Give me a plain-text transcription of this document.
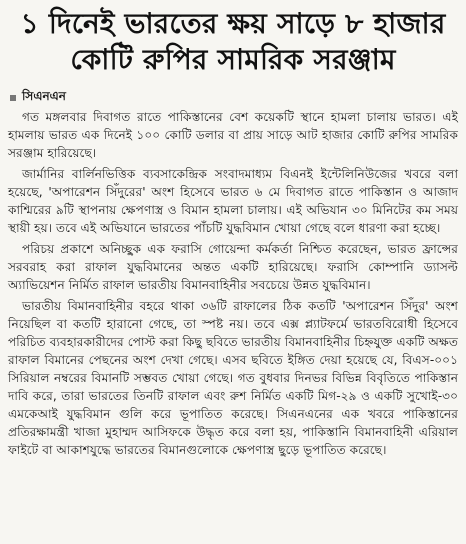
১ দিনেই ভারতের ক্ষয় সাড়ে ৮ হাজার
কোটি রুপির সামরিক সরঞ্জাম
সিএনএন

গত মঙ্গলবার দিবাগত রাতে পাকিস্তানের বেশ কয়েকটি স্থানে হামলা চালায় ভারত। এই হামলায় ভারত এক দিনেই ১০০ কোটি ডলার বা প্রায় সাড়ে আট হাজার কোটি রুপির সামরিক সরঞ্জাম হারিয়েছে।

জার্মানির বার্লিনভিত্তিক ব্যবসাকেন্দ্রিক সংবাদমাধ্যম বিএনই ইন্টেলিনিউজের খবরে বলা হয়েছে, 'অপারেশন সিঁদুরের' অংশ হিসেবে ভারত ৬ মে দিবাগত রাতে পাকিস্তান ও আজাদ কাশ্মিরের ৯টি স্থাপনায় ক্ষেপণাস্ত্র ও বিমান হামলা চালায়। এই অভিযান ৩০ মিনিটের কম সময় স্থায়ী হয়। তবে এই অভিযানে ভারতের পাঁচটি যুদ্ধবিমান খোয়া গেছে বলে ধারণা করা হচ্ছে।

পরিচয় প্রকাশে অনিচ্ছুক এক ফরাসি গোয়েন্দা কর্মকর্তা নিশ্চিত করেছেন, ভারত ফ্রান্সের সরবরাহ করা রাফাল যুদ্ধবিমানের অন্তত একটি হারিয়েছে। ফরাসি কোম্পানি ড্যাসল্ট অ্যাভিয়েশন নির্মিত রাফাল ভারতীয় বিমানবাহিনীর সবচেয়ে উন্নত যুদ্ধবিমান।

ভারতীয় বিমানবাহিনীর বহরে থাকা ৩৬টি রাফালের ঠিক কতটি 'অপারেশন সিঁদুর' অংশ নিয়েছিল বা কতটি হারানো গেছে, তা স্পষ্ট নয়। তবে এক্স প্ল্যাটফর্মে ভারতবিরোধী হিসেবে পরিচিত ব্যবহারকারীদের পোস্ট করা কিছু ছবিতে ভারতীয় বিমানবাহিনীর চিহ্নযুক্ত একটি অক্ষত রাফাল বিমানের পেছনের অংশ দেখা গেছে। এসব ছবিতে ইঙ্গিত দেয়া হয়েছে যে, বিএস-০০১ সিরিয়াল নম্বরের বিমানটি সম্ভবত খোয়া গেছে। গত বুধবার দিনভর বিভিন্ন বিবৃতিতে পাকিস্তান দাবি করে, তারা ভারতের তিনটি রাফাল এবং রুশ নির্মিত একটি মিগ-২৯ ও একটি সুখোই-৩০ এমকেআই যুদ্ধবিমান গুলি করে ভূপাতিত করেছে। সিএনএনের এক খবরে পাকিস্তানের প্রতিরক্ষামন্ত্রী খাজা মুহাম্মদ আসিফকে উদ্ধৃত করে বলা হয়, পাকিস্তানি বিমানবাহিনী এরিয়াল ফাইটে বা আকাশযুদ্ধে ভারতের বিমানগুলোকে ক্ষেপণাস্ত্র ছুড়ে ভূপাতিত করেছে।
